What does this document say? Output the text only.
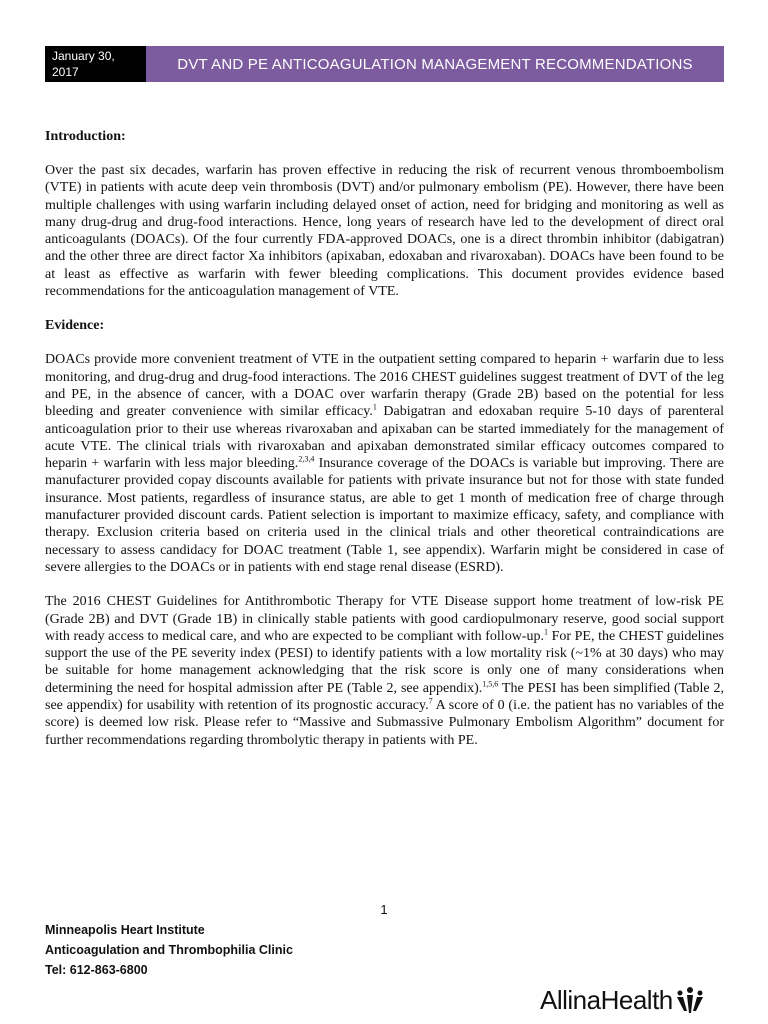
January 30,
2017	DVT AND PE ANTICOAGULATION MANAGEMENT RECOMMENDATIONS

Introduction:

Over the past six decades, warfarin has proven effective in reducing the risk of recurrent venous thromboembolism (VTE) in patients with acute deep vein thrombosis (DVT) and/or pulmonary embolism (PE). However, there have been multiple challenges with using warfarin including delayed onset of action, need for bridging and monitoring as well as many drug-drug and drug-food interactions. Hence, long years of research have led to the development of direct oral anticoagulants (DOACs). Of the four currently FDA-approved DOACs, one is a direct thrombin inhibitor (dabigatran) and the other three are direct factor Xa inhibitors (apixaban, edoxaban and rivaroxaban). DOACs have been found to be at least as effective as warfarin with fewer bleeding complications. This document provides evidence based recommendations for the anticoagulation management of VTE.

Evidence:

DOACs provide more convenient treatment of VTE in the outpatient setting compared to heparin + warfarin due to less monitoring, and drug-drug and drug-food interactions. The 2016 CHEST guidelines suggest treatment of DVT of the leg and PE, in the absence of cancer, with a DOAC over warfarin therapy (Grade 2B) based on the potential for less bleeding and greater convenience with similar efficacy.$^1$ Dabigatran and edoxaban require 5-10 days of parenteral anticoagulation prior to their use whereas rivaroxaban and apixaban can be started immediately for the management of acute VTE. The clinical trials with rivaroxaban and apixaban demonstrated similar efficacy outcomes compared to heparin + warfarin with less major bleeding.$^{2,3,4}$ Insurance coverage of the DOACs is variable but improving. There are manufacturer provided copay discounts available for patients with private insurance but not for those with state funded insurance. Most patients, regardless of insurance status, are able to get 1 month of medication free of charge through manufacturer provided discount cards. Patient selection is important to maximize efficacy, safety, and compliance with therapy. Exclusion criteria based on criteria used in the clinical trials and other theoretical contraindications are necessary to assess candidacy for DOAC treatment (Table 1, see appendix). Warfarin might be considered in case of severe allergies to the DOACs or in patients with end stage renal disease (ESRD).

The 2016 CHEST Guidelines for Antithrombotic Therapy for VTE Disease support home treatment of low-risk PE (Grade 2B) and DVT (Grade 1B) in clinically stable patients with good cardiopulmonary reserve, good social support with ready access to medical care, and who are expected to be compliant with follow-up.$^1$ For PE, the CHEST guidelines support the use of the PE severity index (PESI) to identify patients with a low mortality risk (~1% at 30 days) who may be suitable for home management acknowledging that the risk score is only one of many considerations when determining the need for hospital admission after PE (Table 2, see appendix).$^{1,5,6}$ The PESI has been simplified (Table 2, see appendix) for usability with retention of its prognostic accuracy.$^7$ A score of 0 (i.e. the patient has no variables of the score) is deemed low risk. Please refer to “Massive and Submassive Pulmonary Embolism Algorithm” document for further recommendations regarding thrombolytic therapy in patients with PE.

1
Minneapolis Heart Institute
Anticoagulation and Thrombophilia Clinic
Tel: 612-863-6800
Allina Health
